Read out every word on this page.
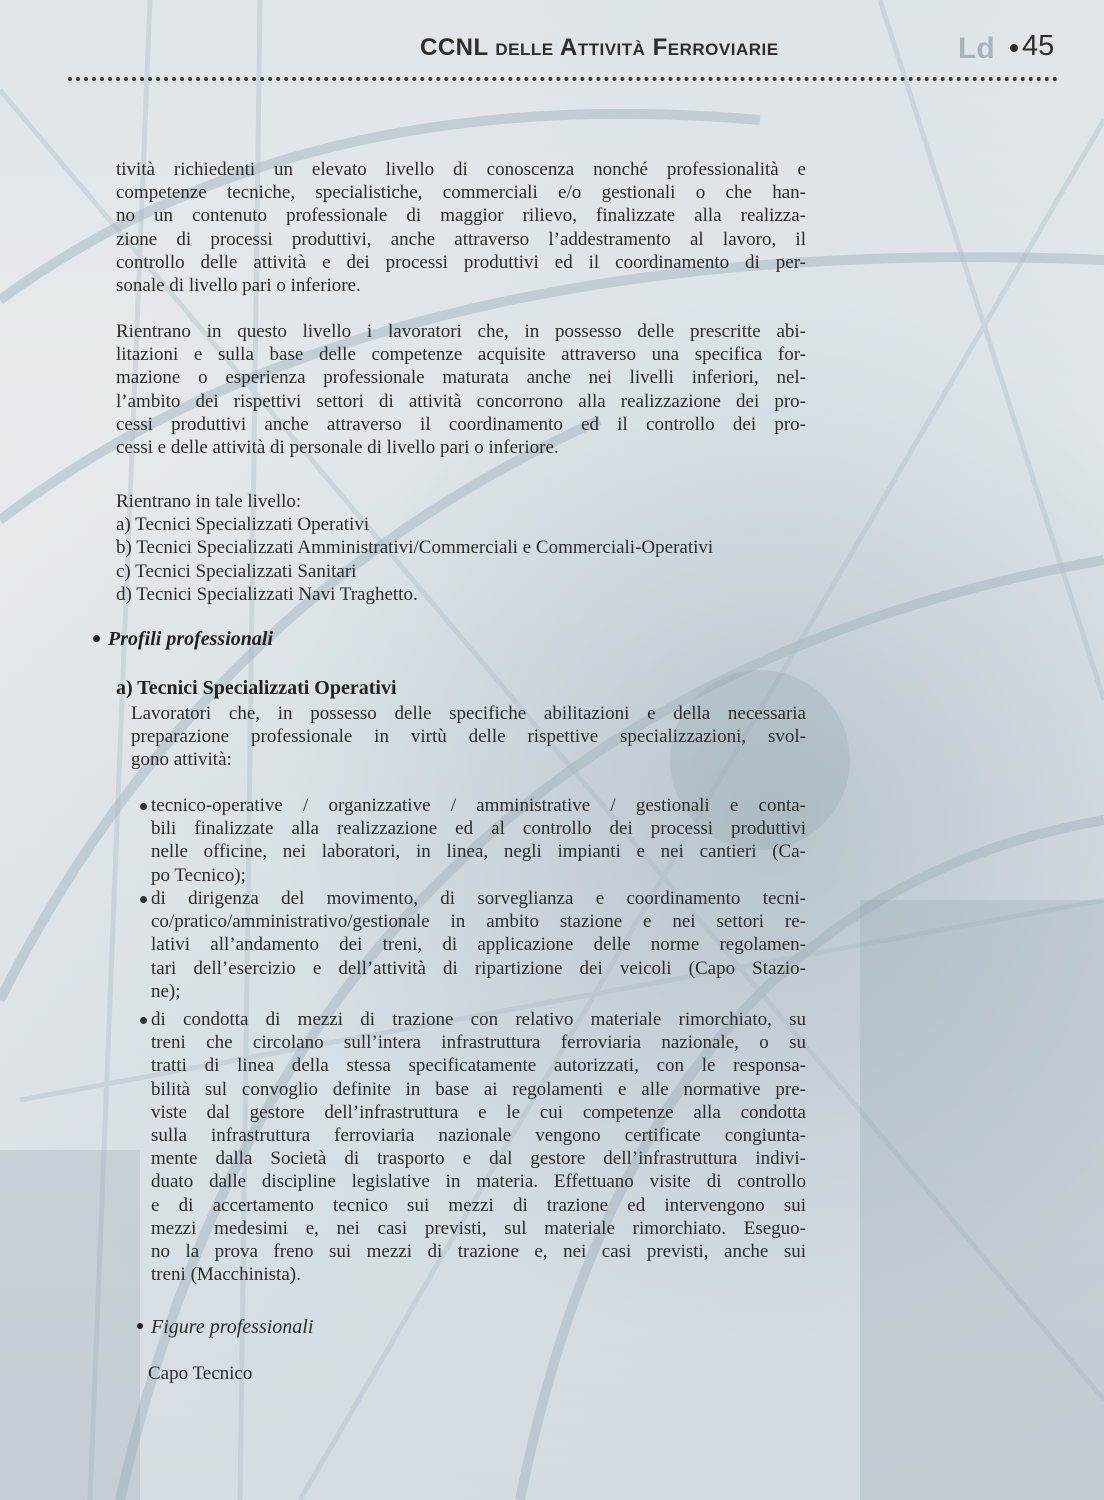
CCNL delle Attività Ferroviarie	Ld 45

tività richiedenti un elevato livello di conoscenza nonché professionalità e
competenze tecniche, specialistiche, commerciali e/o gestionali o che han-
no un contenuto professionale di maggior rilievo, finalizzate alla realizza-
zione di processi produttivi, anche attraverso l’addestramento al lavoro, il
controllo delle attività e dei processi produttivi ed il coordinamento di per-
sonale di livello pari o inferiore.

Rientrano in questo livello i lavoratori che, in possesso delle prescritte abi-
litazioni e sulla base delle competenze acquisite attraverso una specifica for-
mazione o esperienza professionale maturata anche nei livelli inferiori, nel-
l’ambito dei rispettivi settori di attività concorrono alla realizzazione dei pro-
cessi produttivi anche attraverso il coordinamento ed il controllo dei pro-
cessi e delle attività di personale di livello pari o inferiore.

Rientrano in tale livello:
a) Tecnici Specializzati Operativi
b) Tecnici Specializzati Amministrativi/Commerciali e Commerciali-Operativi
c) Tecnici Specializzati Sanitari
d) Tecnici Specializzati Navi Traghetto.

Profili professionali
a) Tecnici Specializzati Operativi

Lavoratori che, in possesso delle specifiche abilitazioni e della necessaria
preparazione professionale in virtù delle rispettive specializzazioni, svol-
gono attività:

tecnico-operative / organizzative / amministrative / gestionali e conta-
bili finalizzate alla realizzazione ed al controllo dei processi produttivi
nelle officine, nei laboratori, in linea, negli impianti e nei cantieri (Ca-
po Tecnico);

di dirigenza del movimento, di sorveglianza e coordinamento tecni-
co/pratico/amministrativo/gestionale in ambito stazione e nei settori re-
lativi all’andamento dei treni, di applicazione delle norme regolamen-
tari dell’esercizio e dell’attività di ripartizione dei veicoli (Capo Stazio-
ne);

di condotta di mezzi di trazione con relativo materiale rimorchiato, su
treni che circolano sull’intera infrastruttura ferroviaria nazionale, o su
tratti di linea della stessa specificatamente autorizzati, con le responsa-
bilità sul convoglio definite in base ai regolamenti e alle normative pre-
viste dal gestore dell’infrastruttura e le cui competenze alla condotta
sulla infrastruttura ferroviaria nazionale vengono certificate congiunta-
mente dalla Società di trasporto e dal gestore dell’infrastruttura indivi-
duato dalle discipline legislative in materia. Effettuano visite di controllo
e di accertamento tecnico sui mezzi di trazione ed intervengono sui
mezzi medesimi e, nei casi previsti, sul materiale rimorchiato. Eseguo-
no la prova freno sui mezzi di trazione e, nei casi previsti, anche sui
treni (Macchinista).

Figure professionali
Capo Tecnico
